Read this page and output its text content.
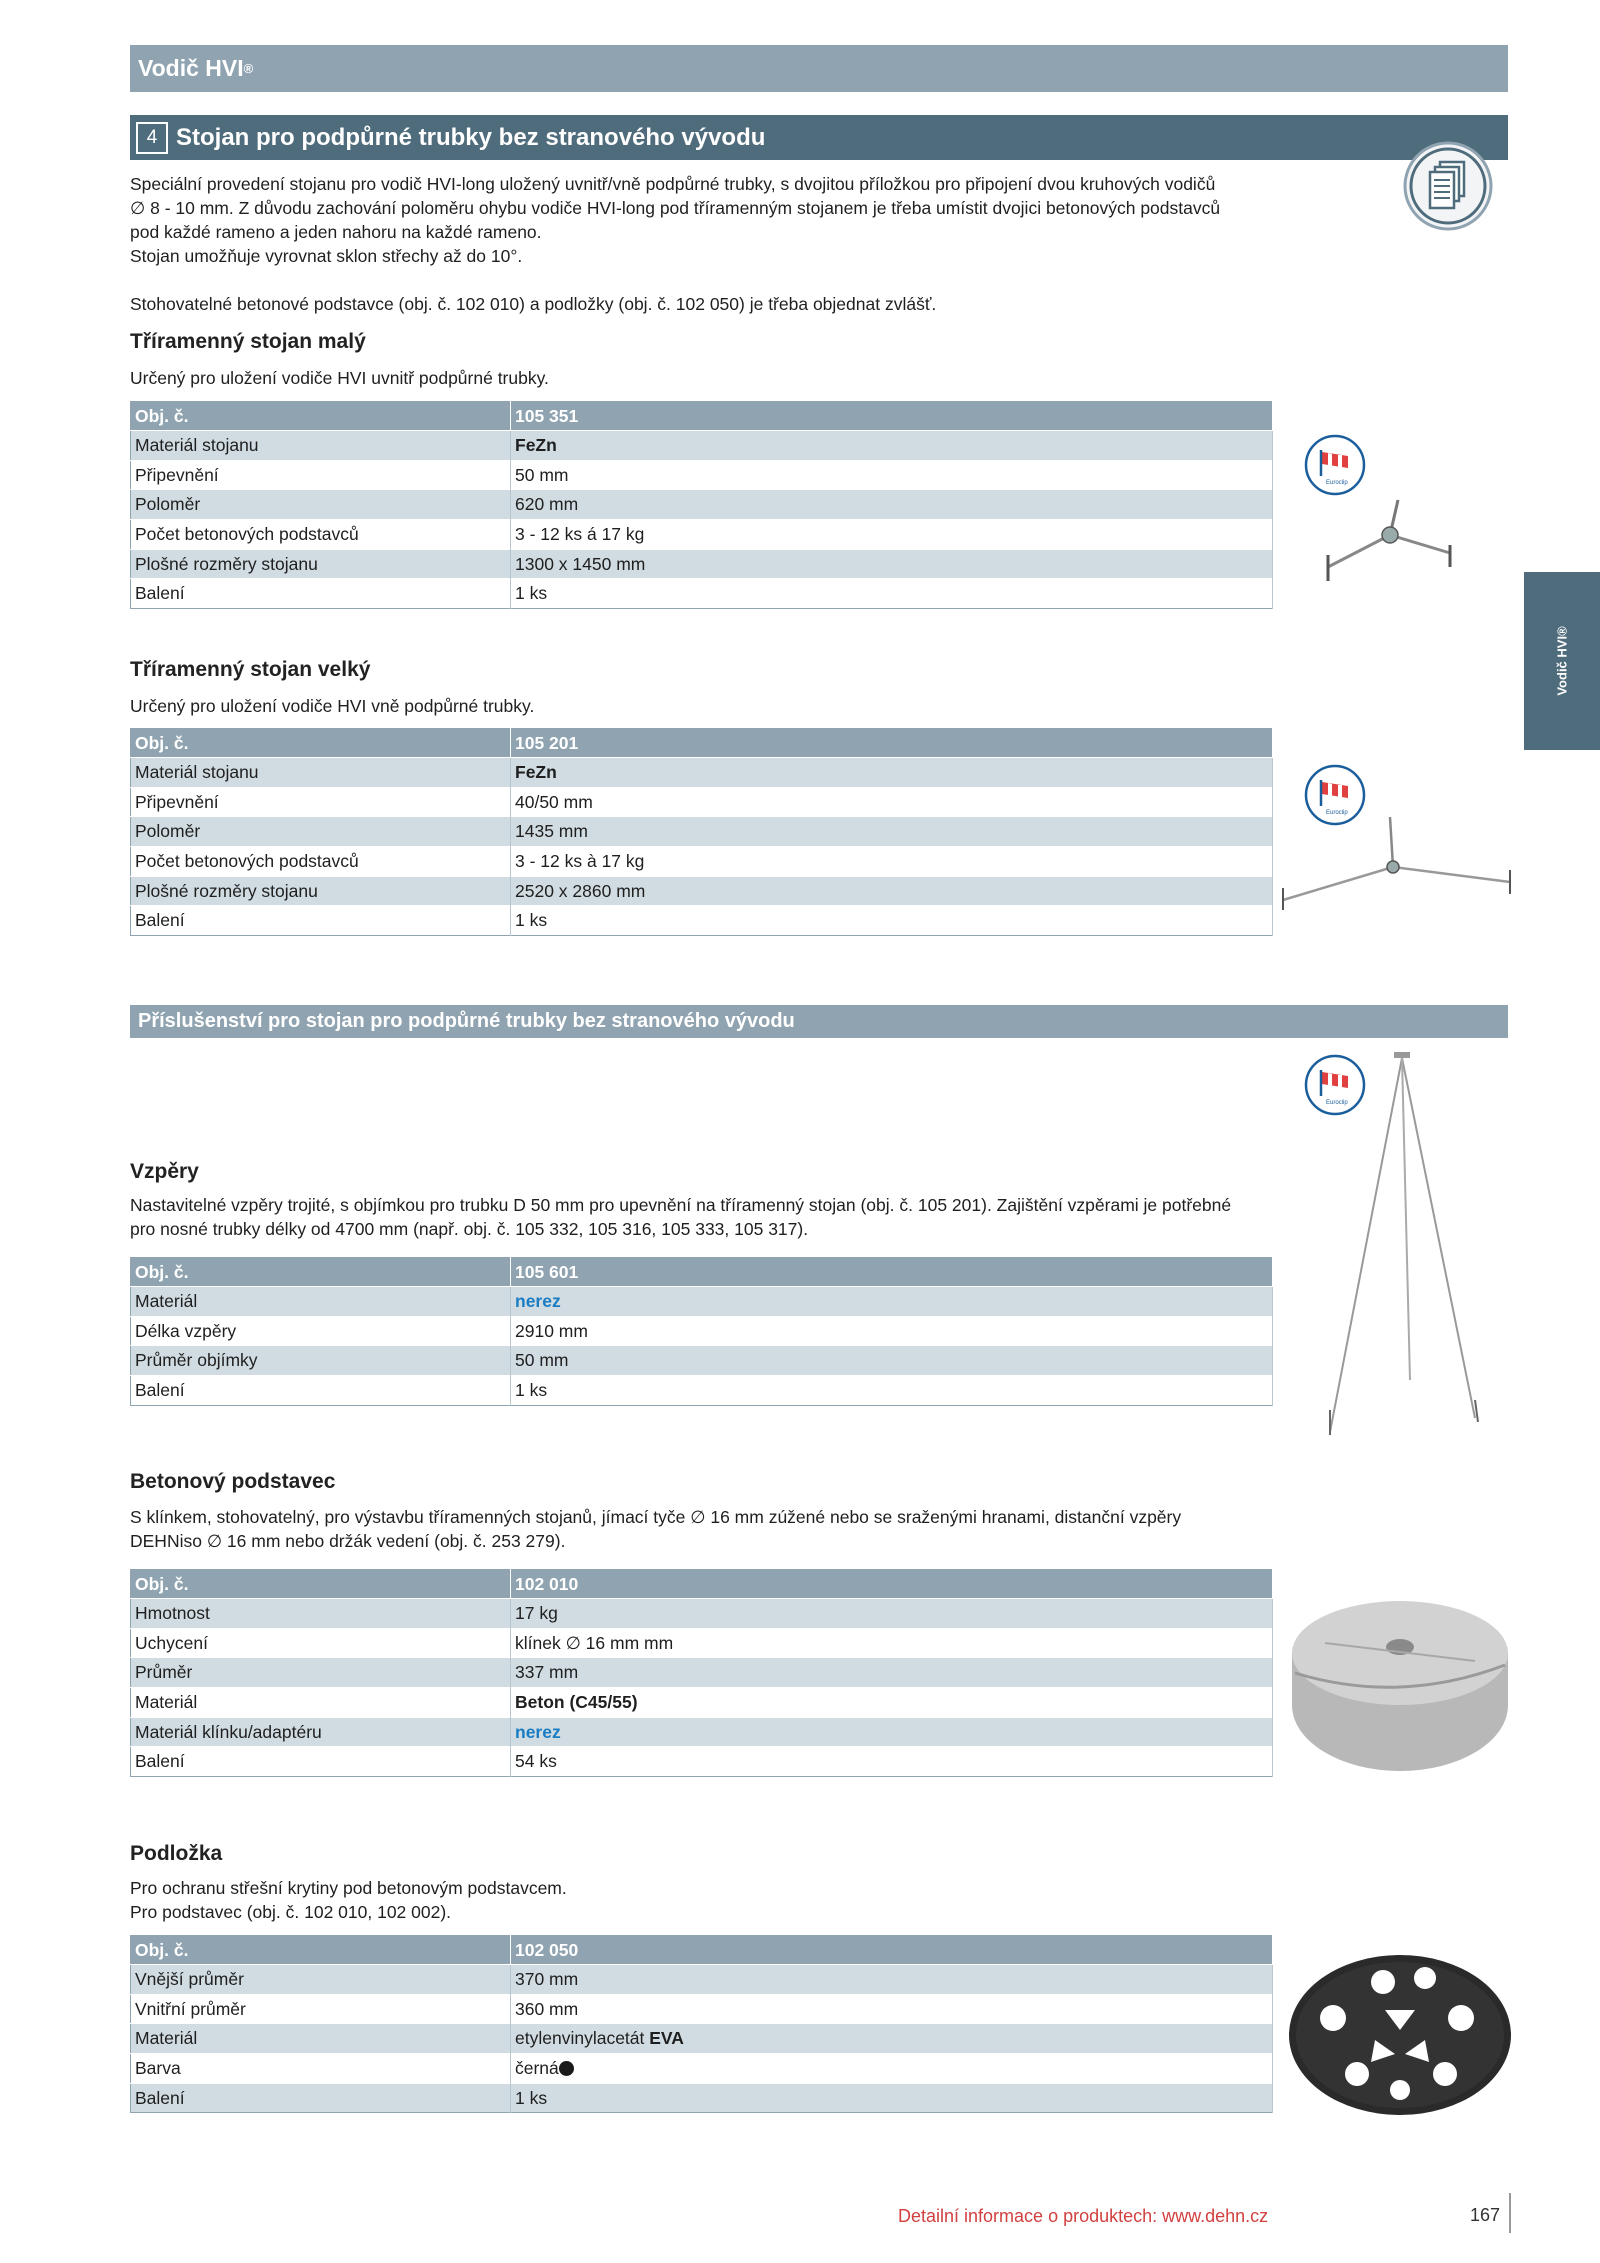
Vodič HVI ®
4 Stojan pro podpůrné trubky bez stranového vývodu

Speciální provedení stojanu pro vodič HVI-long uložený uvnitř/vně podpůrné trubky, s dvojitou příložkou pro připojení dvou kruhových vodičů

∅ 8 - 10 mm. Z důvodu zachování poloměru ohybu vodiče HVI-long pod tříramenným stojanem je třeba umístit dvojici betonových podstavců

pod každé rameno a jeden nahoru na každé rameno.

Stojan umožňuje vyrovnat sklon střechy až do 10°.

Stohovatelné betonové podstavce (obj. č. 102 010) a podložky (obj. č. 102 050) je třeba objednat zvlášť.

Vodič HVI®
Tříramenný stojan malý
Určený pro uložení vodiče HVI uvnitř podpůrné trubky.
Obj. č.	105 351
Materiál stojanu	FeZn
Připevnění	50 mm
Poloměr	620 mm
Počet betonových podstavců	3 - 12 ks á 17 kg
Plošné rozměry stojanu	1300 x 1450 mm
Balení	1 ks
Euroclip
Tříramenný stojan velký
Určený pro uložení vodiče HVI vně podpůrné trubky.
Obj. č.	105 201
Materiál stojanu	FeZn
Připevnění	40/50 mm
Poloměr	1435 mm
Počet betonových podstavců	3 - 12 ks à 17 kg
Plošné rozměry stojanu	2520 x 2860 mm
Balení	1 ks
Euroclip
Příslušenství pro stojan pro podpůrné trubky bez stranového vývodu
Euroclip
Vzpěry
Nastavitelné vzpěry trojité, s objímkou pro trubku D 50 mm pro upevnění na tříramenný stojan (obj. č. 105 201). Zajištění vzpěrami je potřebné
pro nosné trubky délky od 4700 mm (např. obj. č. 105 332, 105 316, 105 333, 105 317).
Obj. č.	105 601
Materiál	nerez
Délka vzpěry	2910 mm
Průměr objímky	50 mm
Balení	1 ks
Betonový podstavec
S klínkem, stohovatelný, pro výstavbu tříramenných stojanů, jímací tyče ∅ 16 mm zúžené nebo se sraženými hranami, distanční vzpěry
DEHNiso ∅ 16 mm nebo držák vedení (obj. č. 253 279).
Obj. č.	102 010
Hmotnost	17 kg
Uchycení	klínek ∅ 16 mm mm
Průměr	337 mm
Materiál	Beton (C45/55)
Materiál klínku/adaptéru	nerez
Balení	54 ks
Podložka
Pro ochranu střešní krytiny pod betonovým podstavcem.
Pro podstavec (obj. č. 102 010, 102 002).
Obj. č.	102 050
Vnější průměr	370 mm
Vnitřní průměr	360 mm
Materiál	etylenvinylacetát EVA
Barva	černá
Balení	1 ks
Detailní informace o produktech: www.dehn.cz	167
